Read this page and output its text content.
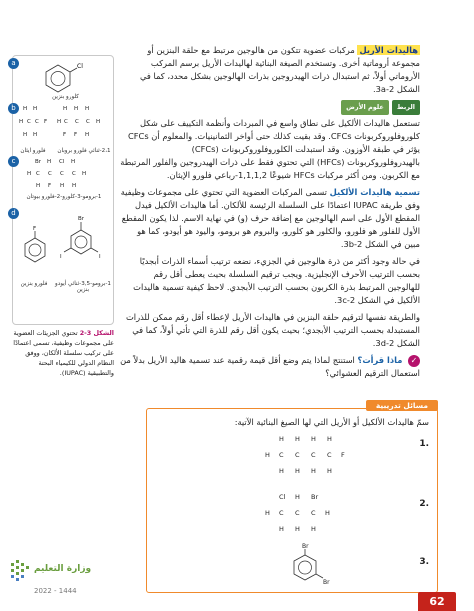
هاليدات الأريل مركبات عضوية تتكون من هالوجين مرتبط مع حلقة البنزين أو مجموعة أروماتية أخرى. وتستخدم الصيغة البنائية لهاليدات الأريل برسم المركب الأروماتي أولاً، ثم استبدال ذرات الهيدروجين بذرات الهالوجين بشكل محدد، كما في الشكل 3a-2.

الربط
علوم الأرض

تستعمل هاليدات الألكيل على نطاق واسع في المبردات وأنظمة التكييف على شكل كلوروفلوروكربونات CFCs. وقد بقيت كذلك حتى أواخر الثمانينيات. والمعلوم أن CFCs يؤثر في طبقة الأوزون. وقد استبدلت الكلوروفلوروكربونات (CFCs) بالهيدروفلوروكربونات (HFCs) التي تحتوي فقط على ذرات الهيدروجين والفلور المرتبطة مع الكربون. ومن أكثر مركبات HFCs شيوعًا 1,1,1,2-رباعي فلورو الإيثان.

تسمية هاليدات الألكيل تسمى المركبات العضوية التي تحتوي على مجموعات وظيفية وفق طريقة IUPAC اعتمادًا على السلسلة الرئيسة للألكان. أما هاليدات الألكيل فيدل المقطع الأول على اسم الهالوجين مع إضافة حرف (و) في نهاية الاسم. لذا يكون المقطع الأول للفلور هو فلورو، والكلور هو كلورو، والبروم هو برومو، واليود هو أيودو، كما هو مبين في الشكل 3b-2.

في حالة وجود أكثر من ذرة هالوجين في الجزيء، نضعه ترتيب أسماء الذرات أبجديًا بحسب الترتيب الأحرف الإنجليزية. ويجب ترقيم السلسلة بحيث يعطى أقل رقم للهالوجين المرتبط بذرة الكربون بحسب الترتيب الأبجدي. لاحظ كيفية تسمية هاليدات الألكيل في الشكل 3c-2.

والطريقة نفسها لترقيم حلقة البنزين في هاليدات الأريل لإعطاء أقل رقم ممكن للذرات المستبدلة بحسب الترتيب الأبجدي؛ بحيث يكون أقل رقم للذرة التي تأتي أولاً، كما في الشكل 3d-2.

✓ ماذا قرأت؟ استنتج لماذا يتم وضع أقل قيمة رقمية عند تسمية هاليد الأريل بدلاً من استعمال الترقيم العشوائي؟

a
b
c
d
Cl
كلورو بنزين
H H
H C C F
H H
H H H
H C C C H
F F H
فلورو ايثان	2،1-ثنائي فلورو بروبان
Br H Cl H
H C C C C H
H F H H
1-برومو-3-كلورو-2-فلورو بيوتان
F
Br
I	I
فلورو بنزين	1-برومو-3,5-ثنائي أيودو بنزين
الشكل 3-2 تحتوي الجزيئات العضوية على مجموعات وظيفية، تسمى اعتمادًا على تركيب سلسلة الألكان، ووفق النظام الدولي للكيمياء البحتة والتطبيقية (IUPAC).
مسائل تدريبية
سمّ هاليدات الألكيل أو الأريل التي لها الصيغ البنائية الآتية:
1.
H H H H
H C C C C F
H H H H
2.
Cl H Br
H C C C H
H H H
3.
Br
Br
وزارة التعليم
2022 - 1444
62
